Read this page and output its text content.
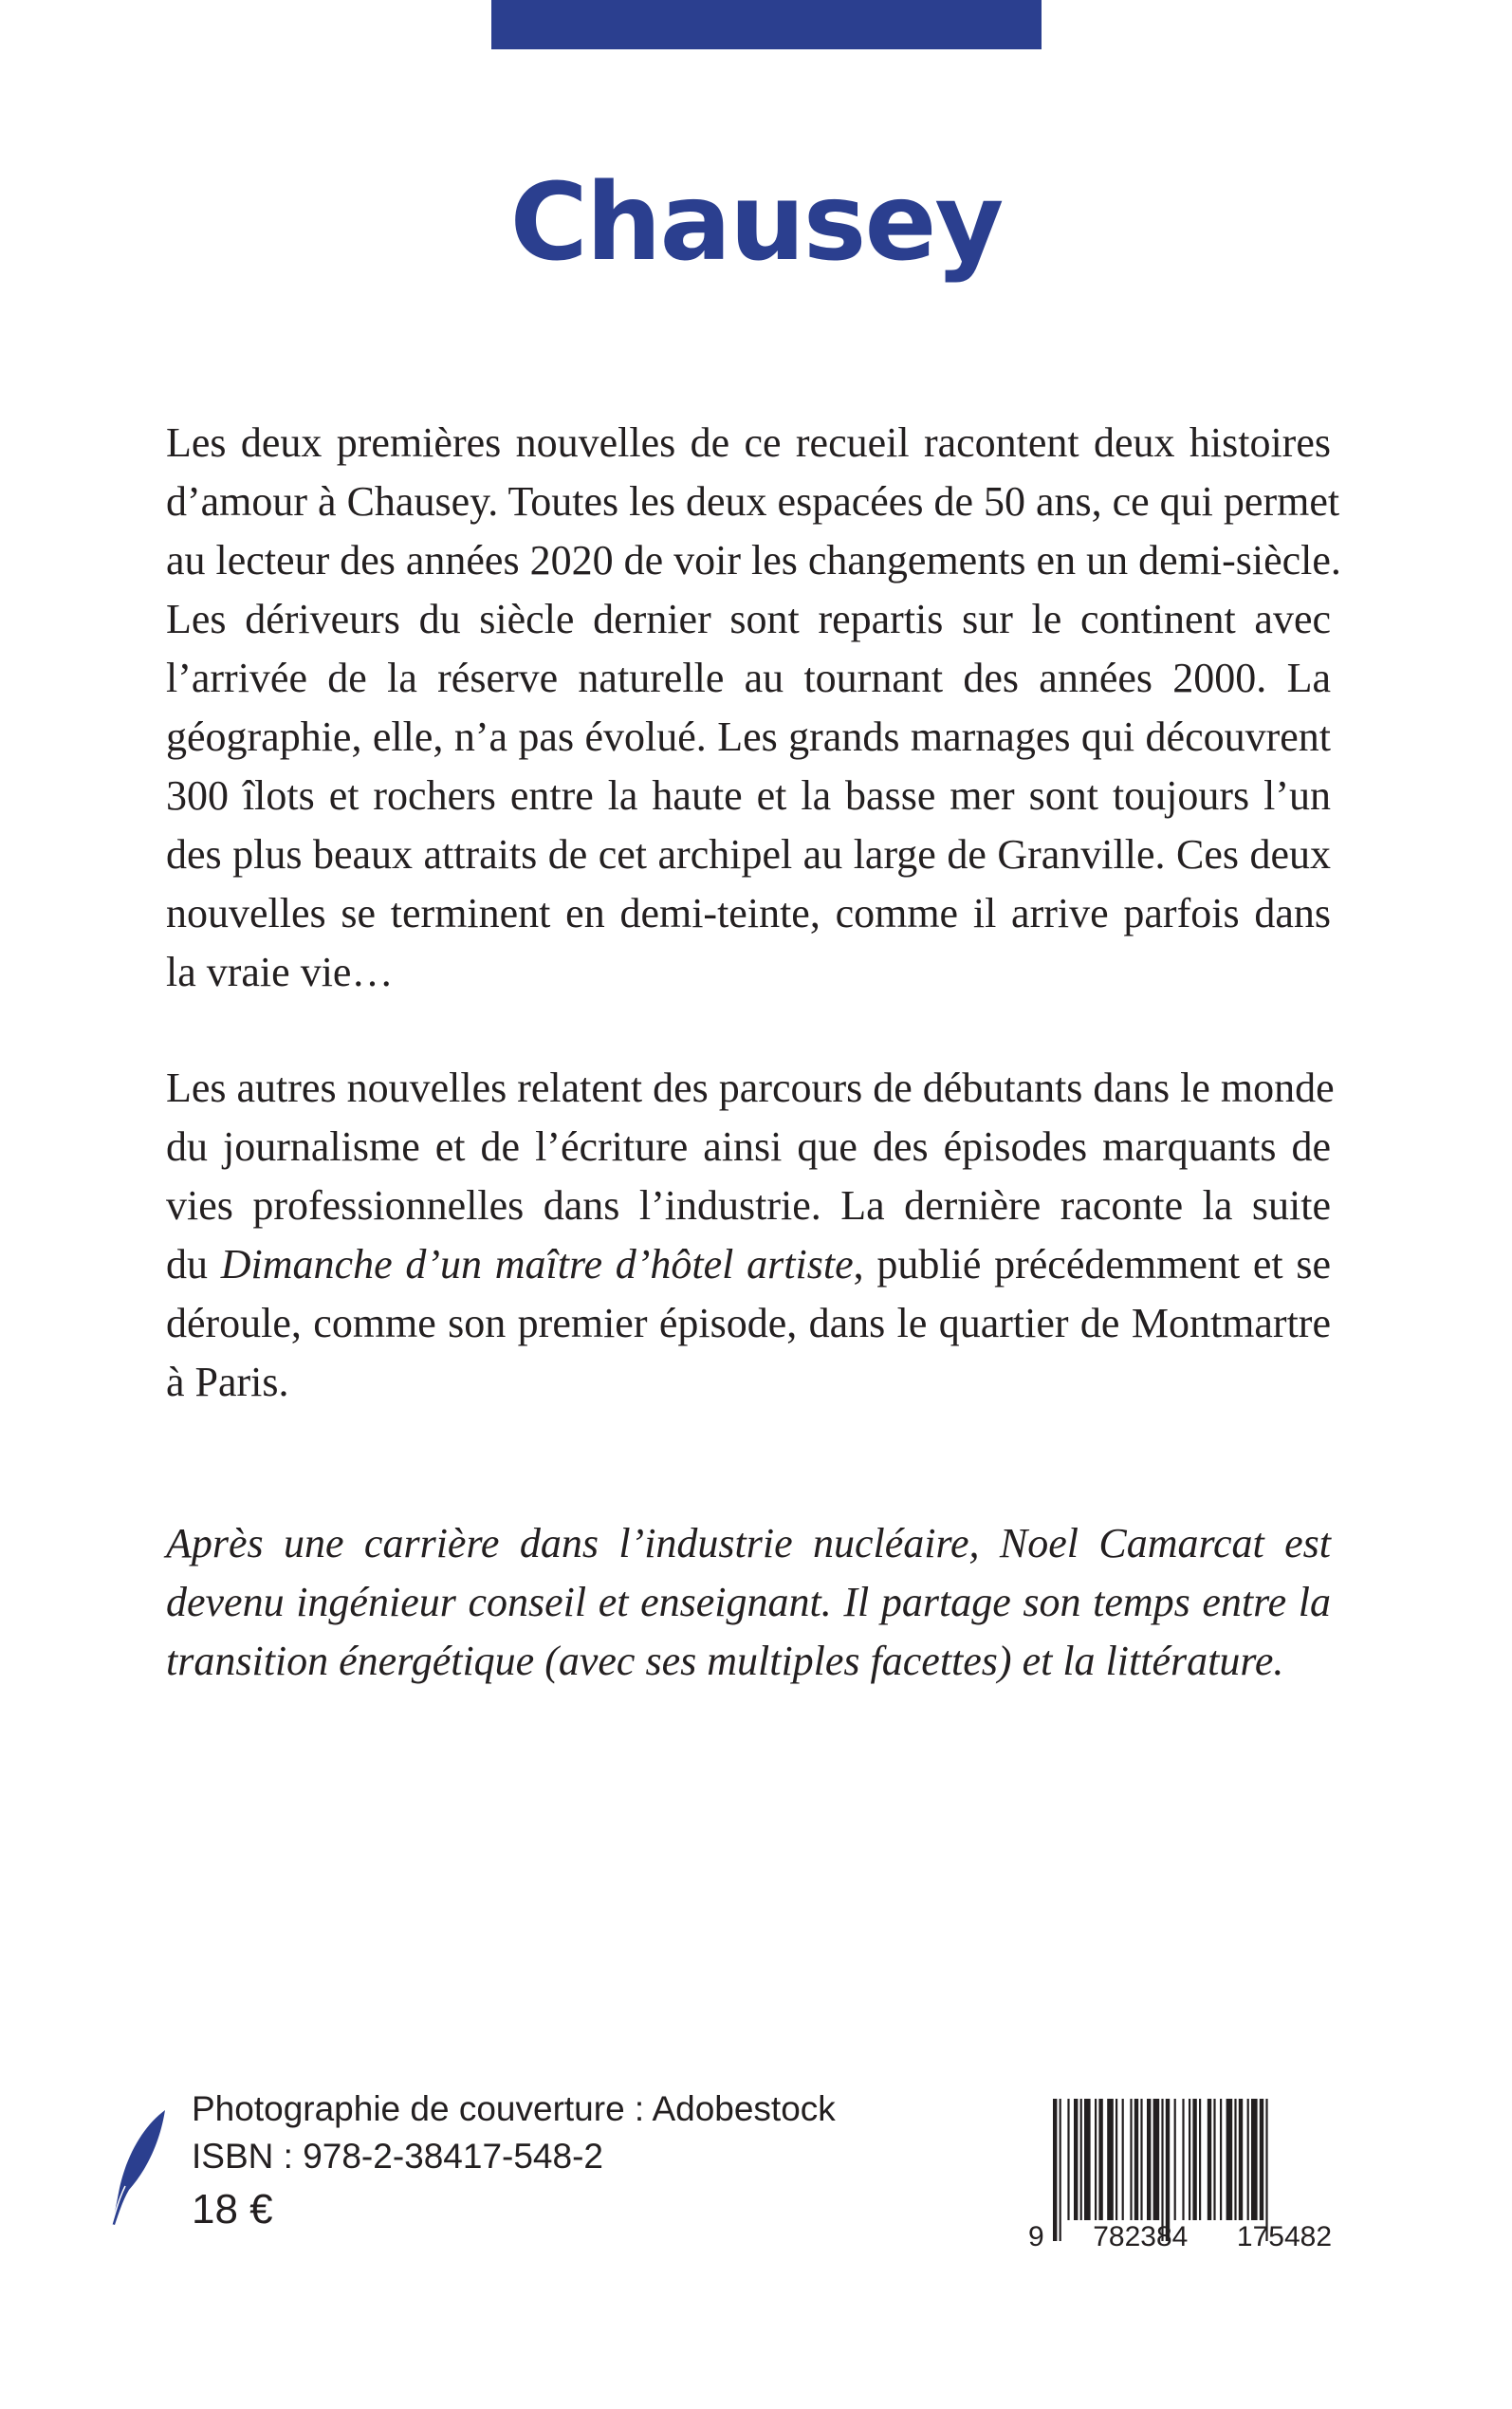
Chausey

Les deux premières nouvelles de ce recueil racontent deux histoires
d’amour à Chausey. Toutes les deux espacées de 50 ans, ce qui permet
au lecteur des années 2020 de voir les changements en un demi-siècle.
Les dériveurs du siècle dernier sont repartis sur le continent avec
l’arrivée de la réserve naturelle au tournant des années 2000. La
géographie, elle, n’a pas évolué. Les grands marnages qui découvrent
300 îlots et rochers entre la haute et la basse mer sont toujours l’un
des plus beaux attraits de cet archipel au large de Granville. Ces deux
nouvelles se terminent en demi-teinte, comme il arrive parfois dans
la vraie vie…

Les autres nouvelles relatent des parcours de débutants dans le monde
du journalisme et de l’écriture ainsi que des épisodes marquants de
vies professionnelles dans l’industrie. La dernière raconte la suite
du Dimanche d’un maître d’hôtel artiste, publié précédemment et se
déroule, comme son premier épisode, dans le quartier de Montmartre
à Paris.

Après une carrière dans l’industrie nucléaire, Noel Camarcat est
devenu ingénieur conseil et enseignant. Il partage son temps entre la
transition énergétique (avec ses multiples facettes) et la littérature.

Photographie de couverture : Adobestock
ISBN : 978-2-38417-548-2
18 €
9 782384 175482
